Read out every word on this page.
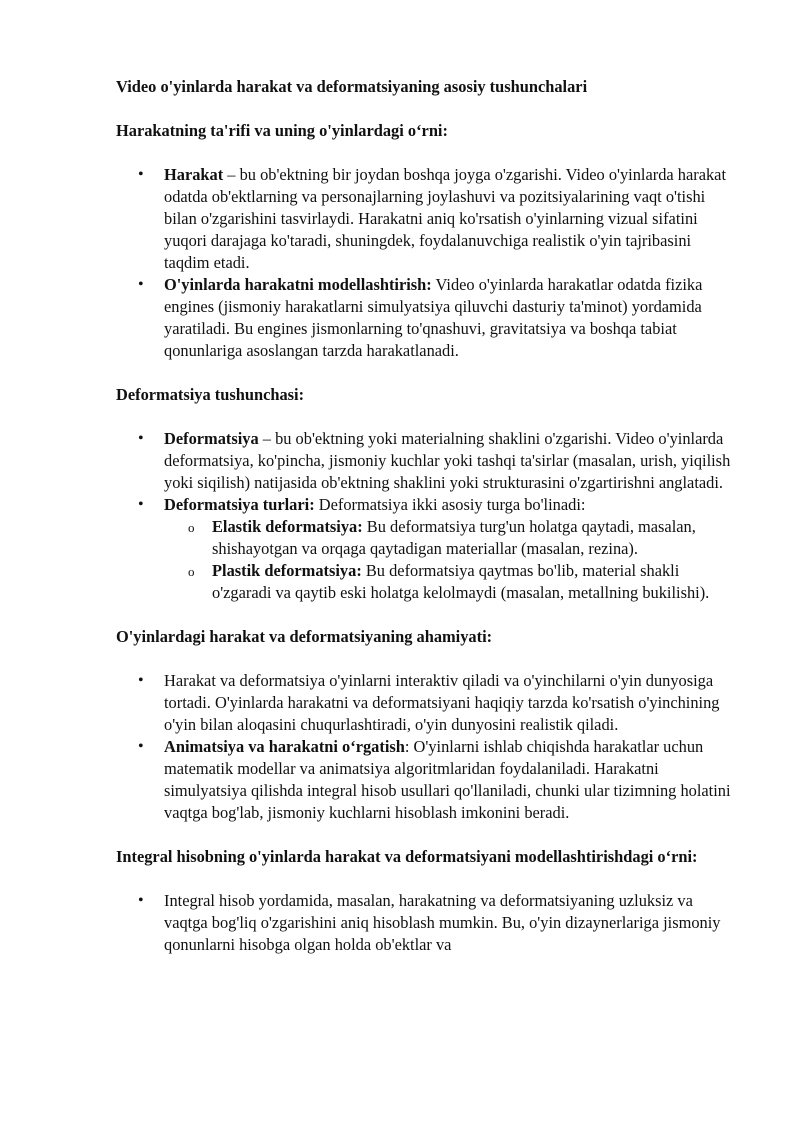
Video o'yinlarda harakat va deformatsiyaning asosiy tushunchalari
Harakatning ta'rifi va uning o'yinlardagi o‘rni:
• Harakat – bu ob'ektning bir joydan boshqa joyga o'zgarishi. Video o'yinlarda harakat odatda ob'ektlarning va personajlarning joylashuvi va pozitsiyalarining vaqt o'tishi bilan o'zgarishini tasvirlaydi. Harakatni aniq ko'rsatish o'yinlarning vizual sifatini yuqori darajaga ko'taradi, shuningdek, foydalanuvchiga realistik o'yin tajribasini taqdim etadi.
• O'yinlarda harakatni modellashtirish: Video o'yinlarda harakatlar odatda fizika engines (jismoniy harakatlarni simulyatsiya qiluvchi dasturiy ta'minot) yordamida yaratiladi. Bu engines jismonlarning to'qnashuvi, gravitatsiya va boshqa tabiat qonunlariga asoslangan tarzda harakatlanadi.
Deformatsiya tushunchasi:
• Deformatsiya – bu ob'ektning yoki materialning shaklini o'zgarishi. Video o'yinlarda deformatsiya, ko'pincha, jismoniy kuchlar yoki tashqi ta'sirlar (masalan, urish, yiqilish yoki siqilish) natijasida ob'ektning shaklini yoki strukturasini o'zgartirishni anglatadi.
• Deformatsiya turlari: Deformatsiya ikki asosiy turga bo'linadi:
o Elastik deformatsiya: Bu deformatsiya turg'un holatga qaytadi, masalan, shishayotgan va orqaga qaytadigan materiallar (masalan, rezina).
o Plastik deformatsiya: Bu deformatsiya qaytmas bo'lib, material shakli o'zgaradi va qaytib eski holatga kelolmaydi (masalan, metallning bukilishi).
O'yinlardagi harakat va deformatsiyaning ahamiyati:
• Harakat va deformatsiya o'yinlarni interaktiv qiladi va o'yinchilarni o'yin dunyosiga tortadi. O'yinlarda harakatni va deformatsiyani haqiqiy tarzda ko'rsatish o'yinchining o'yin bilan aloqasini chuqurlashtiradi, o'yin dunyosini realistik qiladi.
• Animatsiya va harakatni o‘rgatish: O'yinlarni ishlab chiqishda harakatlar uchun matematik modellar va animatsiya algoritmlaridan foydalaniladi. Harakatni simulyatsiya qilishda integral hisob usullari qo'llaniladi, chunki ular tizimning holatini vaqtga bog'lab, jismoniy kuchlarni hisoblash imkonini beradi.
Integral hisobning o'yinlarda harakat va deformatsiyani modellashtirishdagi o‘rni:
• Integral hisob yordamida, masalan, harakatning va deformatsiyaning uzluksiz va vaqtga bog'liq o'zgarishini aniq hisoblash mumkin. Bu, o'yin dizaynerlariga jismoniy qonunlarni hisobga olgan holda ob'ektlar va
